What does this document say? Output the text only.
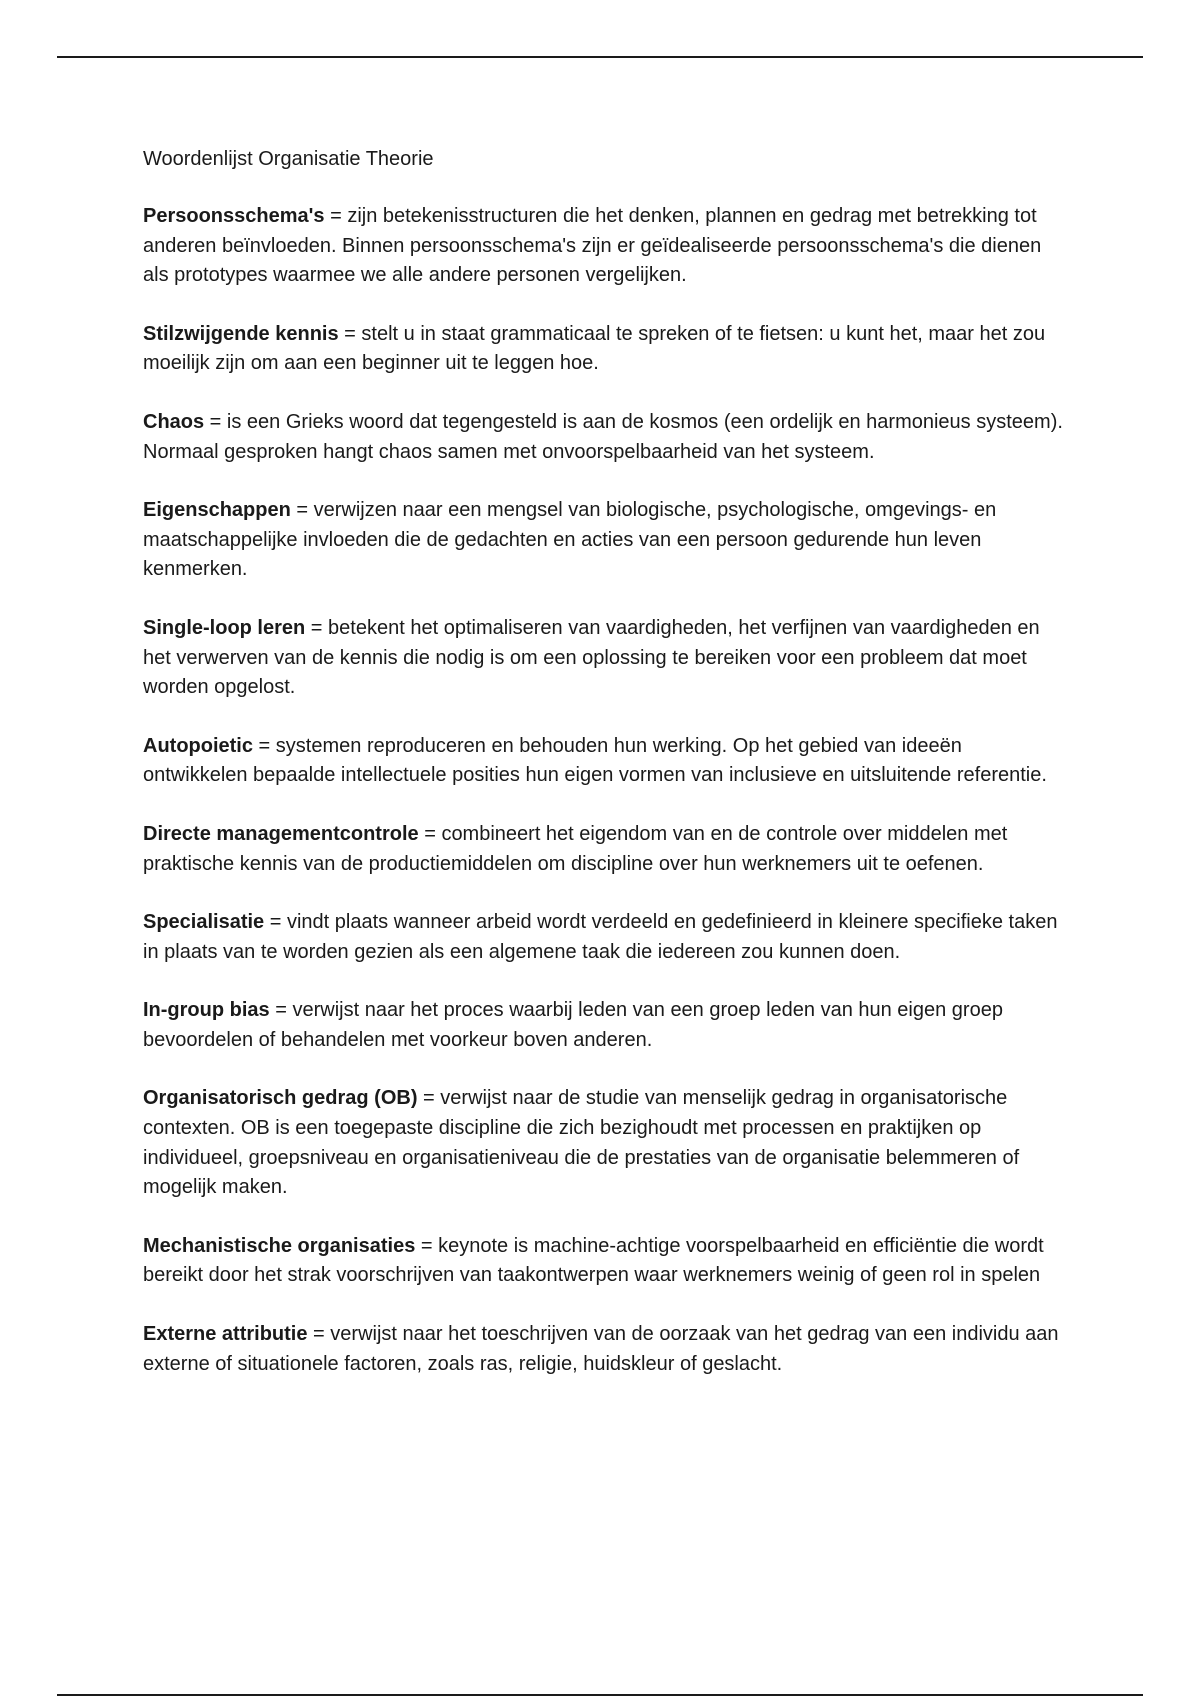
Woordenlijst Organisatie Theorie

Persoonsschema's = zijn betekenisstructuren die het denken, plannen en gedrag met betrekking tot anderen beïnvloeden. Binnen persoonsschema's zijn er geïdealiseerde persoonsschema's die dienen als prototypes waarmee we alle andere personen vergelijken.

Stilzwijgende kennis = stelt u in staat grammaticaal te spreken of te fietsen: u kunt het, maar het zou moeilijk zijn om aan een beginner uit te leggen hoe.

Chaos = is een Grieks woord dat tegengesteld is aan de kosmos (een ordelijk en harmonieus systeem). Normaal gesproken hangt chaos samen met onvoorspelbaarheid van het systeem.

Eigenschappen = verwijzen naar een mengsel van biologische, psychologische, omgevings- en maatschappelijke invloeden die de gedachten en acties van een persoon gedurende hun leven kenmerken.

Single-loop leren = betekent het optimaliseren van vaardigheden, het verfijnen van vaardigheden en het verwerven van de kennis die nodig is om een oplossing te bereiken voor een probleem dat moet worden opgelost.

Autopoietic = systemen reproduceren en behouden hun werking. Op het gebied van ideeën ontwikkelen bepaalde intellectuele posities hun eigen vormen van inclusieve en uitsluitende referentie.

Directe managementcontrole = combineert het eigendom van en de controle over middelen met praktische kennis van de productiemiddelen om discipline over hun werknemers uit te oefenen.

Specialisatie = vindt plaats wanneer arbeid wordt verdeeld en gedefinieerd in kleinere specifieke taken in plaats van te worden gezien als een algemene taak die iedereen zou kunnen doen.

In-group bias = verwijst naar het proces waarbij leden van een groep leden van hun eigen groep bevoordelen of behandelen met voorkeur boven anderen.

Organisatorisch gedrag (OB) = verwijst naar de studie van menselijk gedrag in organisatorische contexten. OB is een toegepaste discipline die zich bezighoudt met processen en praktijken op individueel, groepsniveau en organisatieniveau die de prestaties van de organisatie belemmeren of mogelijk maken.

Mechanistische organisaties = keynote is machine-achtige voorspelbaarheid en efficiëntie die wordt bereikt door het strak voorschrijven van taakontwerpen waar werknemers weinig of geen rol in spelen

Externe attributie = verwijst naar het toeschrijven van de oorzaak van het gedrag van een individu aan externe of situationele factoren, zoals ras, religie, huidskleur of geslacht.
